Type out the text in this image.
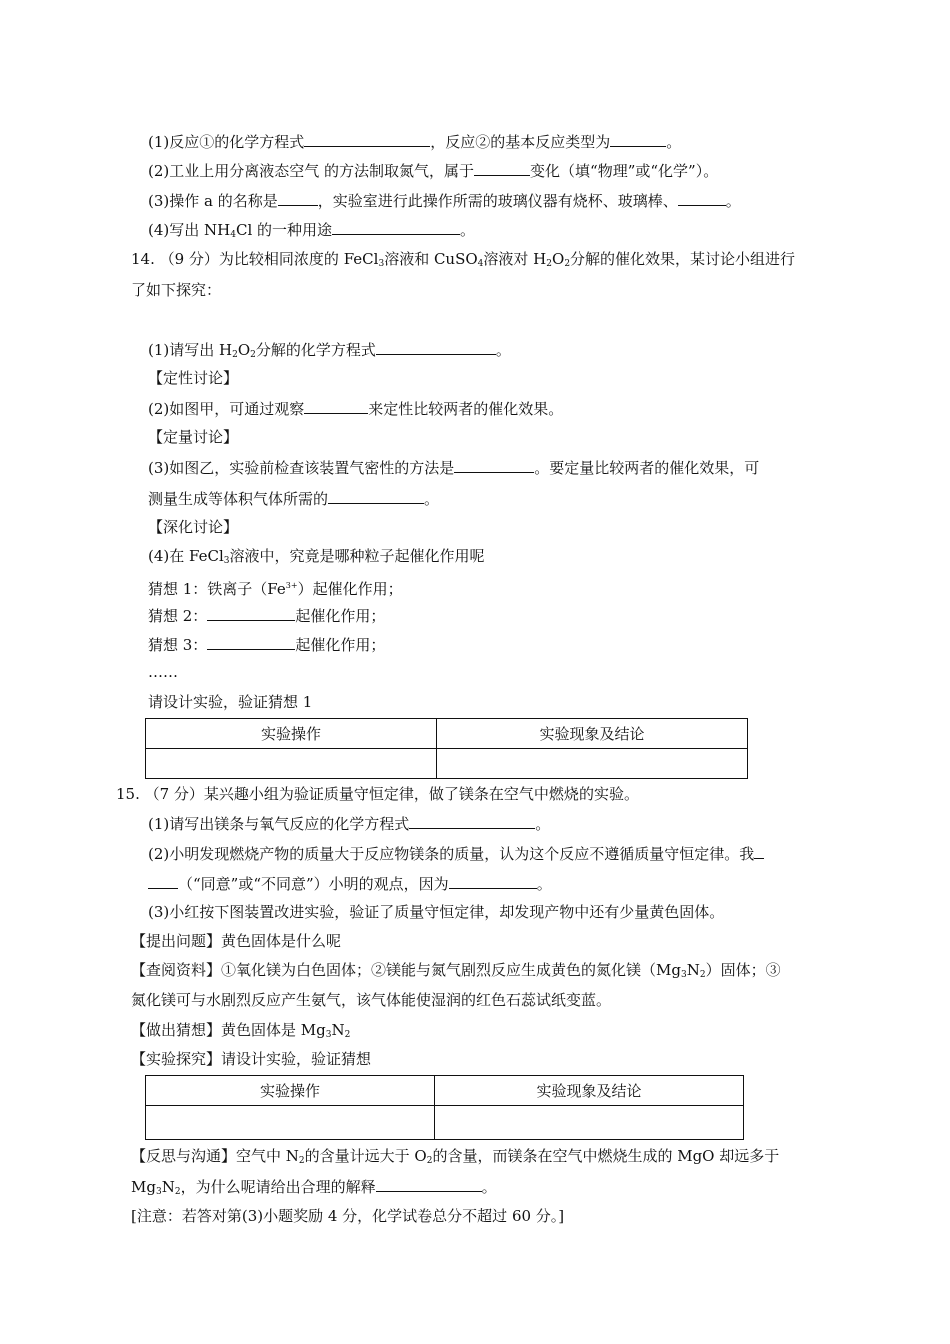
(1)反应①的化学方程式	，反应②的基本反应类型为	。
(2)工业上用分离液态空气 的方法制取氮气，属于	变化（填“物理”或“化学”）。
(3)操作 a 的名称是	，实验室进行此操作所需的玻璃仪器有烧杯、玻璃棒、	。
(4)写出 $NH_4Cl$ 的一种用途	。
14. （9 分）为比较相同浓度的 FeCl$_3$溶液和 CuSO$_4$溶液对 $H_2O_2$分解的催化效果，某讨论小组进行
了如下探究：
(1)请写出 $H_2O_2$分解的化学方程式	。
【定性讨论】
(2)如图甲，可通过观察	来定性比较两者的催化效果。
【定量讨论】
(3)如图乙，实验前检查该装置气密性的方法是	。要定量比较两者的催化效果，可
测量生成等体积气体所需的	。
【深化讨论】
(4)在 FeCl$_3$溶液中，究竟是哪种粒子起催化作用呢
猜想 1：铁离子$(Fe^{3+})$起催化作用；
猜想 2：	起催化作用；
猜想 3：	起催化作用；
……
请设计实验，验证猜想 1
实验操作	实验现象及结论

15. （7 分）某兴趣小组为验证质量守恒定律，做了镁条在空气中燃烧的实验。
(1)请写出镁条与氧气反应的化学方程式	。
(2)小明发现燃烧产物的质量大于反应物镁条的质量，认为这个反应不遵循质量守恒定律。我
（“同意”或“不同意”）小明的观点，因为	。
(3)小红按下图装置改进实验，验证了质量守恒定律，却发现产物中还有少量黄色固体。
【提出问题】黄色固体是什么呢
【查阅资料】①氧化镁为白色固体；②镁能与氮气剧烈反应生成黄色的氮化镁$(Mg_3N_2)$固体；③
氮化镁可与水剧烈反应产生氨气，该气体能使湿润的红色石蕊试纸变蓝。
【做出猜想】黄色固体是 $Mg_3N_2$
【实验探究】请设计实验，验证猜想
实验操作	实验现象及结论

【反思与沟通】空气中 $N_2$的含量计远大于 $O_2$的含量，而镁条在空气中燃烧生成的 MgO 却远多于
$Mg_3N_2$，为什么呢请给出合理的解释	。
[注意：若答对第(3)小题奖励 4 分，化学试卷总分不超过 60 分。]
